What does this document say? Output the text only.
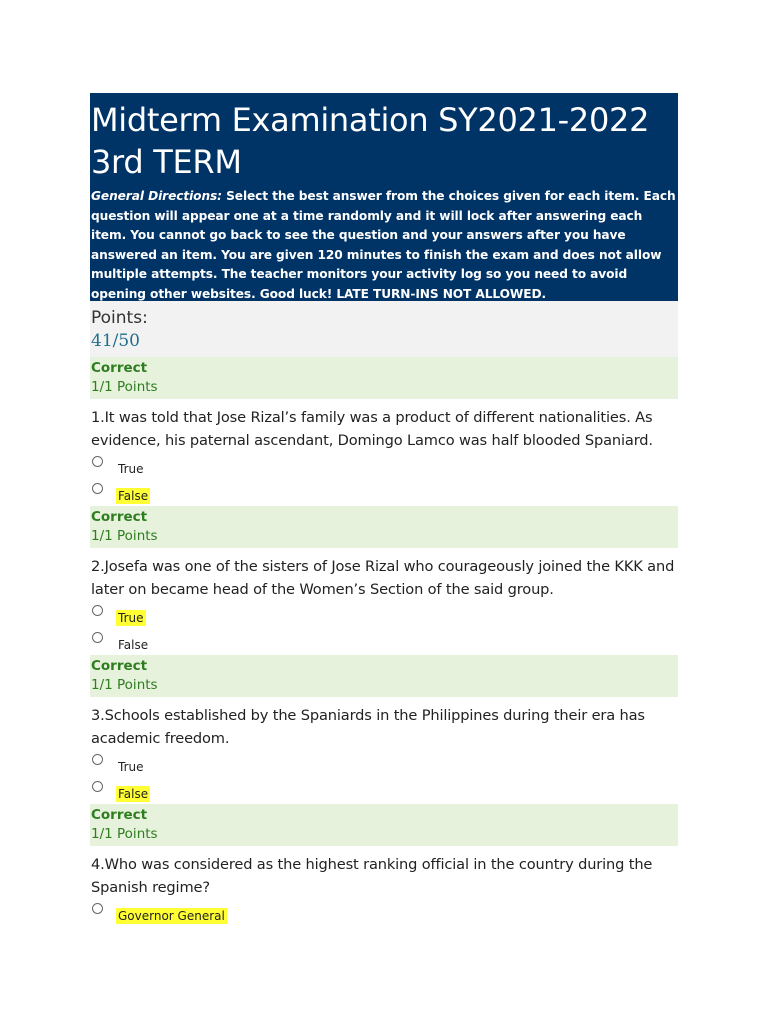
Midterm Examination SY2021-2022 3rd TERM
General Directions: Select the best answer from the choices given for each item. Each question will appear one at a time randomly and it will lock after answering each item. You cannot go back to see the question and your answers after you have answered an item. You are given 120 minutes to finish the exam and does not allow multiple attempts. The teacher monitors your activity log so you need to avoid opening other websites. Good luck! LATE TURN-INS NOT ALLOWED.
Points:
41/50
Correct
1/1 Points
1.It was told that Jose Rizal’s family was a product of different nationalities. As evidence, his paternal ascendant, Domingo Lamco was half blooded Spaniard.
True
False
Correct
1/1 Points
2.Josefa was one of the sisters of Jose Rizal who courageously joined the KKK and later on became head of the Women’s Section of the said group.
True
False
Correct
1/1 Points
3.Schools established by the Spaniards in the Philippines during their era has academic freedom.
True
False
Correct
1/1 Points
4.Who was considered as the highest ranking official in the country during the Spanish regime?
Governor General
